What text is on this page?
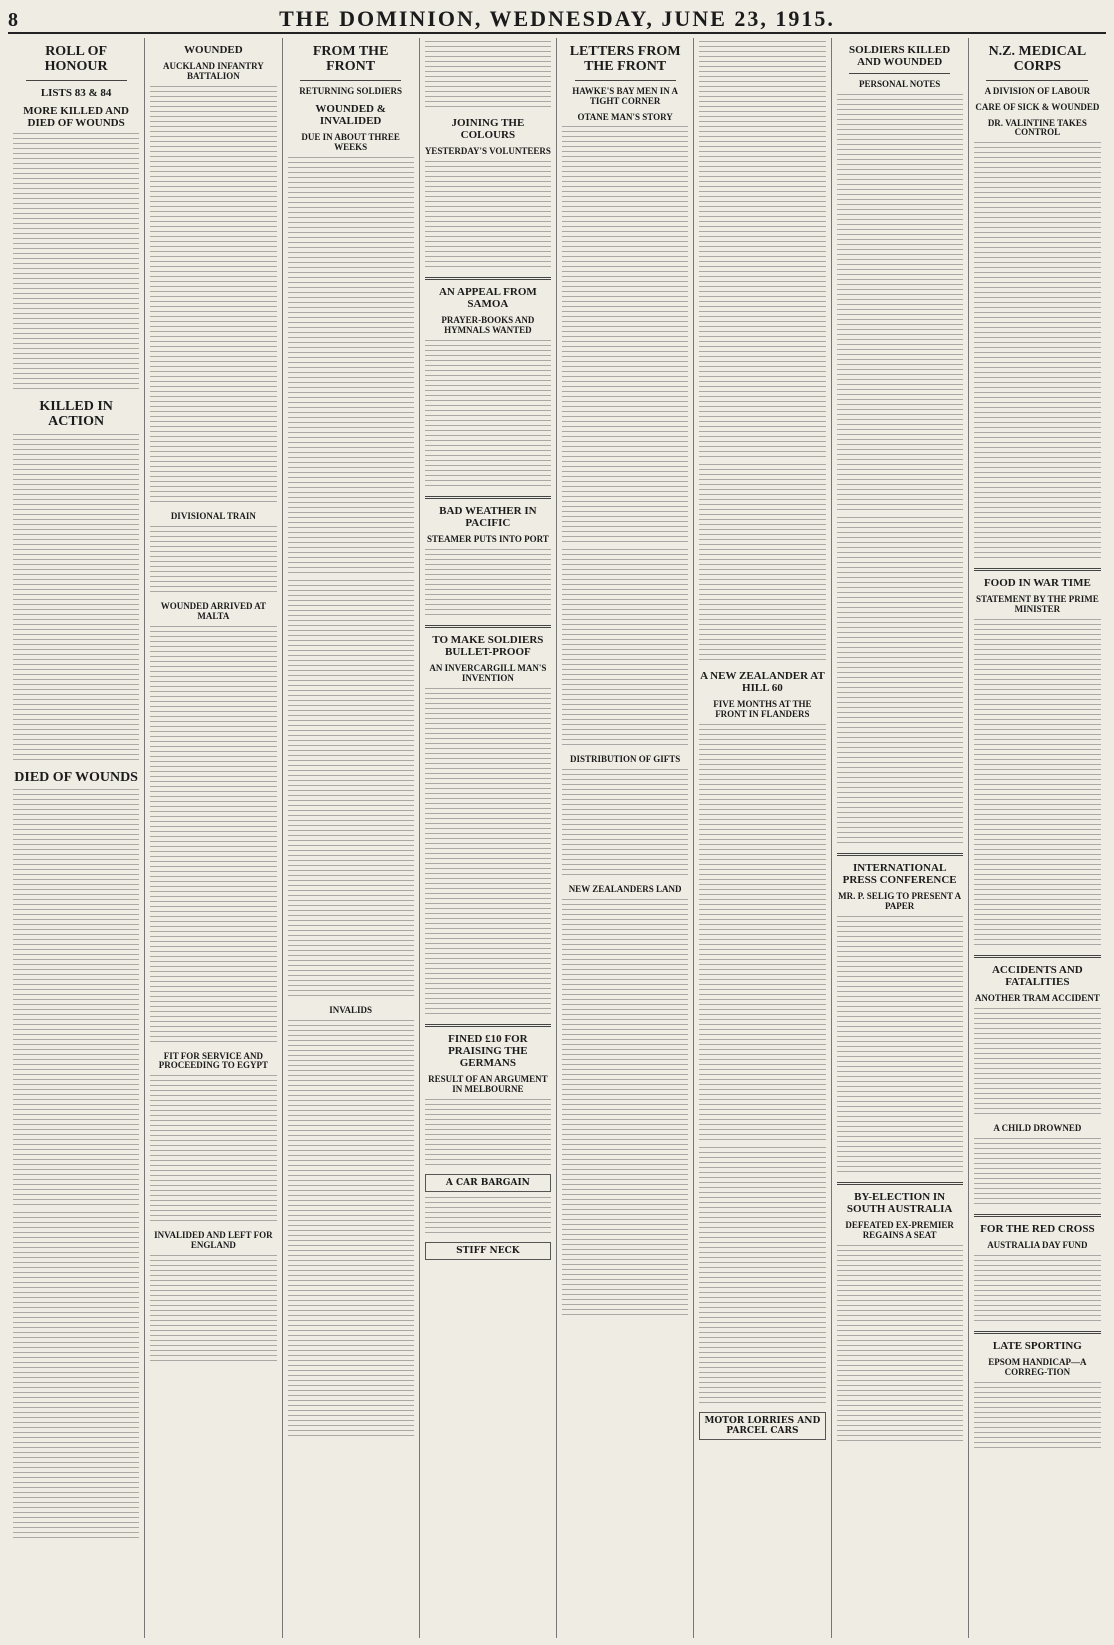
8	THE DOMINION, WEDNESDAY, JUNE 23, 1915.
ROLL OF HONOUR
LISTS 83 & 84
MORE KILLED AND DIED OF WOUNDS
KILLED IN ACTION
DIED OF WOUNDS
WOUNDED
AUCKLAND INFANTRY BATTALION
DIVISIONAL TRAIN
WOUNDED ARRIVED AT MALTA
FIT FOR SERVICE AND PROCEEDING TO EGYPT
INVALIDED AND LEFT FOR ENGLAND
FROM THE FRONT
RETURNING SOLDIERS
WOUNDED & INVALIDED
DUE IN ABOUT THREE WEEKS
INVALIDS
JOINING THE COLOURS
YESTERDAY'S VOLUNTEERS
AN APPEAL FROM SAMOA
PRAYER-BOOKS AND HYMNALS WANTED
BAD WEATHER IN PACIFIC
STEAMER PUTS INTO PORT
TO MAKE SOLDIERS BULLET-PROOF
AN INVERCARGILL MAN'S INVENTION
FINED £10 FOR PRAISING THE GERMANS
RESULT OF AN ARGUMENT IN MELBOURNE
A CAR BARGAIN
STIFF NECK
LETTERS FROM THE FRONT
HAWKE'S BAY MEN IN A TIGHT CORNER
OTANE MAN'S STORY
DISTRIBUTION OF GIFTS
NEW ZEALANDERS LAND
A NEW ZEALANDER AT HILL 60
FIVE MONTHS AT THE FRONT IN FLANDERS
MOTOR LORRIES AND PARCEL CARS
SOLDIERS KILLED AND WOUNDED
PERSONAL NOTES
INTERNATIONAL PRESS CONFERENCE
MR. P. SELIG TO PRESENT A PAPER
BY-ELECTION IN SOUTH AUSTRALIA
DEFEATED EX-PREMIER REGAINS A SEAT
N.Z. MEDICAL CORPS
A DIVISION OF LABOUR
CARE OF SICK & WOUNDED
DR. VALINTINE TAKES CONTROL
FOOD IN WAR TIME
STATEMENT BY THE PRIME MINISTER
ACCIDENTS AND FATALITIES
ANOTHER TRAM ACCIDENT
A CHILD DROWNED
FOR THE RED CROSS
AUSTRALIA DAY FUND
LATE SPORTING
EPSOM HANDICAP—A CORREG-TION
